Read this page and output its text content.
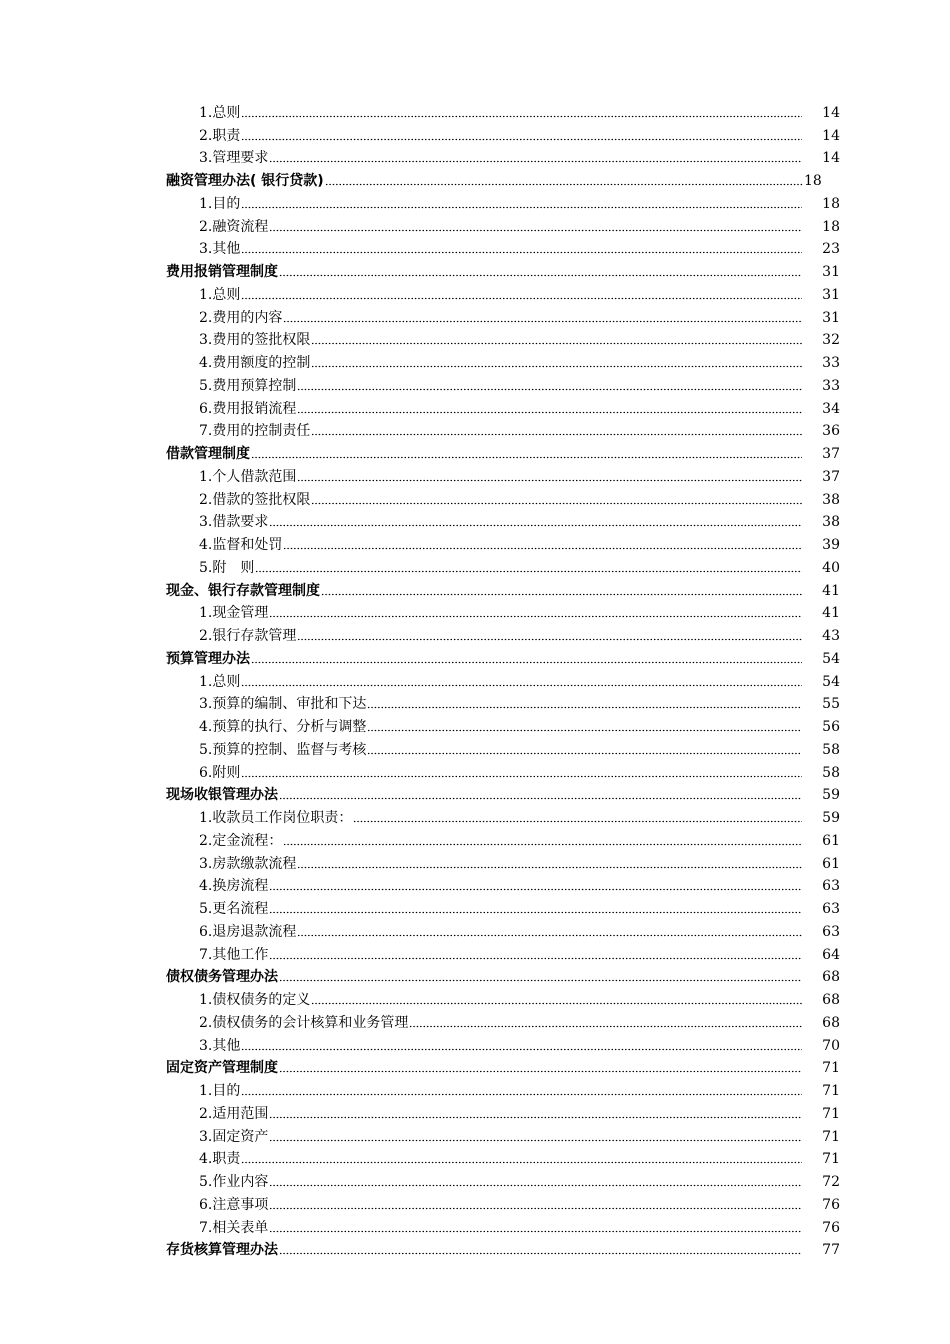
1.总则	14
2.职责	14
3.管理要求	14
融资管理办法( 银行贷款)	18
1.目的	18
2.融资流程	18
3.其他	23
费用报销管理制度	31
1.总则	31
2.费用的内容	31
3.费用的签批权限	32
4.费用额度的控制	33
5.费用预算控制	33
6.费用报销流程	34
7.费用的控制责任	36
借款管理制度	37
1.个人借款范围	37
2.借款的签批权限	38
3.借款要求	38
4.监督和处罚	39
5.附　则	40
现金、银行存款管理制度	41
1.现金管理	41
2.银行存款管理	43
预算管理办法	54
1.总则	54
3.预算的编制、审批和下达	55
4.预算的执行、分析与调整	56
5.预算的控制、监督与考核	58
6.附则	58
现场收银管理办法	59
1.收款员工作岗位职责：	59
2.定金流程：	61
3.房款缴款流程	61
4.换房流程	63
5.更名流程	63
6.退房退款流程	63
7.其他工作	64
债权债务管理办法	68
1.债权债务的定义	68
2.债权债务的会计核算和业务管理	68
3.其他	70
固定资产管理制度	71
1.目的	71
2.适用范围	71
3.固定资产	71
4.职责	71
5.作业内容	72
6.注意事项	76
7.相关表单	76
存货核算管理办法	77
